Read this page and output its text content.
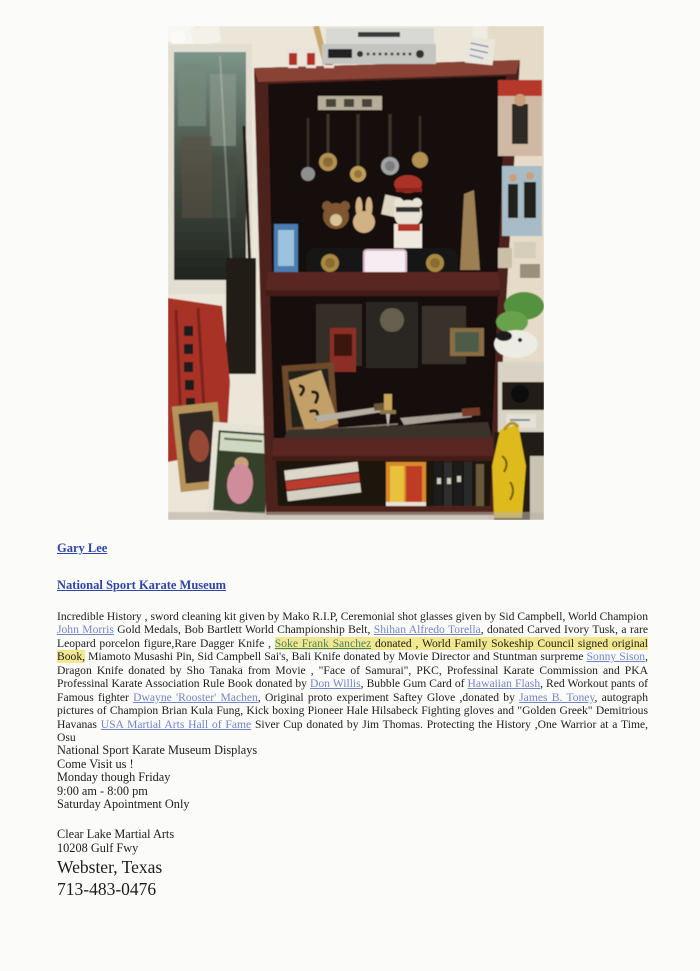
Gary Lee
National Sport Karate Museum

Incredible History , sword cleaning kit given by Mako R.I.P, Ceremonial shot glasses given by Sid Campbell, World Champion John Morris Gold Medals, Bob Bartlett World Championship Belt, Shihan Alfredo Torella, donated Carved Ivory Tusk, a rare Leopard porcelon figure,Rare Dagger Knife , Soke Frank Sanchez donated , World Family Sokeship Council signed original Book, Miamoto Musashi Pin, Sid Campbell Sai's, Bali Knife donated by Movie Director and Stuntman surpreme Sonny Sison, Dragon Knife donated by Sho Tanaka from Movie , "Face of Samurai", PKC, Professinal Karate Commission and PKA Professinal Karate Association Rule Book donated by Don Willis, Bubble Gum Card of Hawaiian Flash, Red Workout pants of Famous fighter Dwayne 'Rooster' Machen, Original proto experiment Saftey Glove ,donated by James B. Toney, autograph pictures of Champion Brian Kula Fung, Kick boxing Pioneer Hale Hilsabeck Fighting gloves and "Golden Greek" Demitrious Havanas USA Martial Arts Hall of Fame Siver Cup donated by Jim Thomas. Protecting the History ,One Warrior at a Time, Osu

National Sport Karate Museum Displays
Come Visit us !
Monday though Friday
9:00 am - 8:00 pm
Saturday Apointment Only
Clear Lake Martial Arts
10208 Gulf Fwy
Webster, Texas
713-483-0476
